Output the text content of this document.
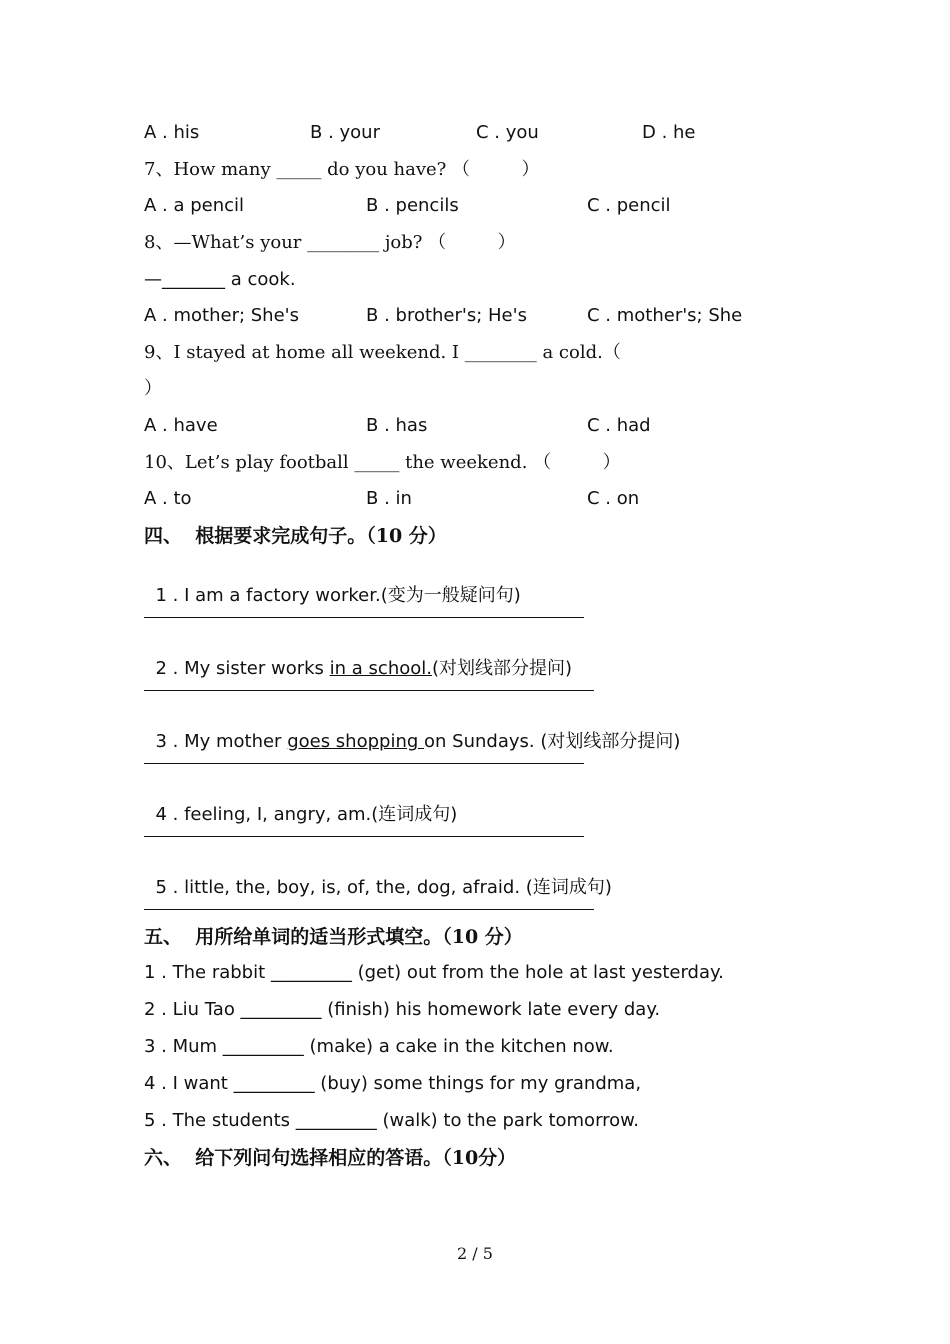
A . his	B . your	C . you	D . he
7、How many _____ do you have? （         ）
A . a pencil	B . pencils	C . pencil
8、—What’s your ________ job? （         ）
—_______ a cook.
A . mother; She's	B . brother's; He's	C . mother's; She
9、I stayed at home all weekend. I ________ a cold.（
）
A . have	B . has	C . had
10、Let’s play football _____ the weekend. （         ）
A . to	B . in	C . on
四、  根据要求完成句子。（10 分）

1 . I am a factory worker.(变为一般疑问句)

2 . My sister works in a school.(对划线部分提问)

3 . My mother goes shopping on Sundays. (对划线部分提问)

4 . feeling, I, angry, am.(连词成句)

5 . little, the, boy, is, of, the, dog, afraid. (连词成句)

五、  用所给单词的适当形式填空。（10 分）
1 . The rabbit _________ (get) out from the hole at last yesterday.
2 . Liu Tao _________ (finish) his homework late every day.
3 . Mum _________ (make) a cake in the kitchen now.
4 . I want _________ (buy) some things for my grandma,
5 . The students _________ (walk) to the park tomorrow.
六、  给下列问句选择相应的答语。（10分）
2 / 5
